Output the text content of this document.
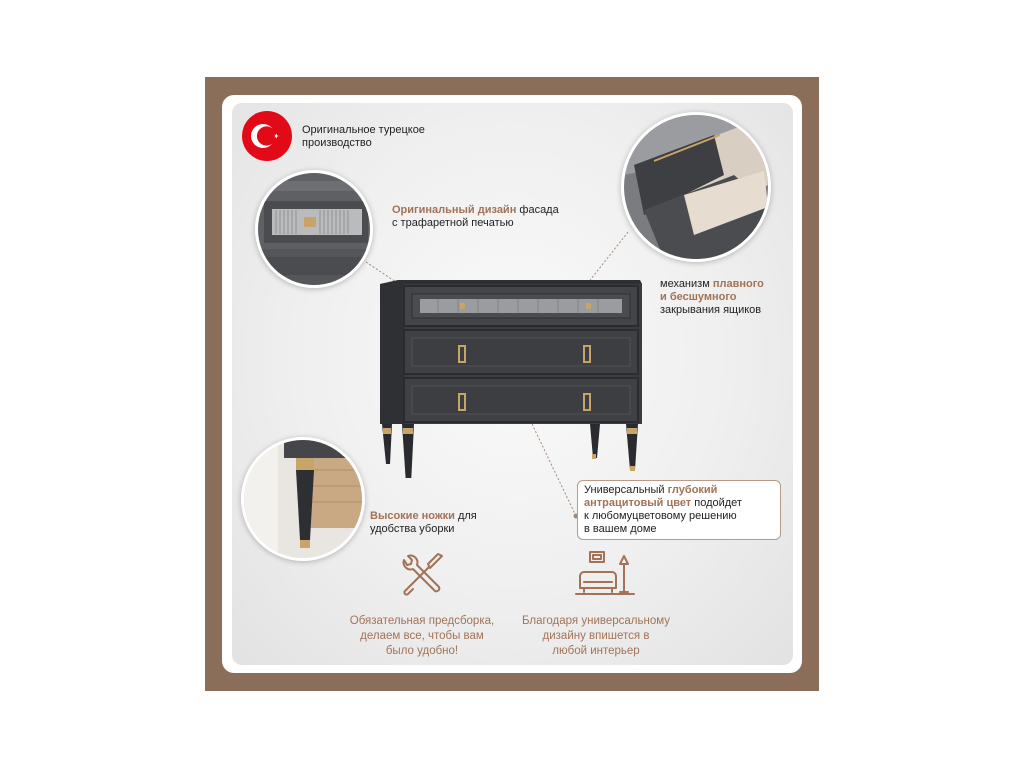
Оригинальное турецкое
производство
Оригинальный дизайн фасада
с трафаретной печатью
механизм плавного
и бесшумного
закрывания ящиков
Высокие ножки для
удобства уборки
Универсальный глубокий
антрацитовый цвет подойдет
к любомуцветовому решению
в вашем доме
Обязательная предсборка,
делаем все, чтобы вам
было удобно!
Благодаря универсальному
дизайну впишется в
любой интерьер
